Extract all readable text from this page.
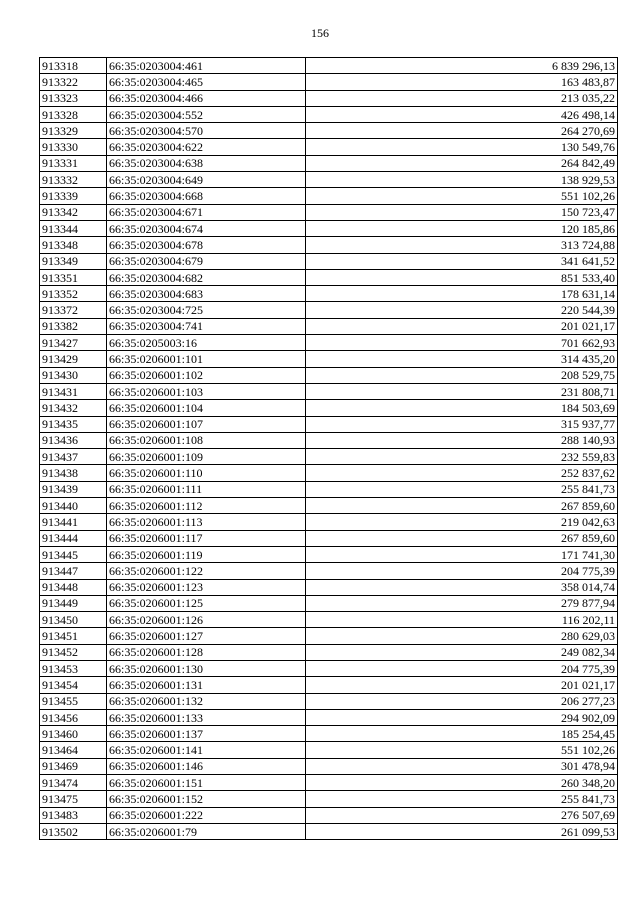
156
913318	66:35:0203004:461	6 839 296,13
913322	66:35:0203004:465	163 483,87
913323	66:35:0203004:466	213 035,22
913328	66:35:0203004:552	426 498,14
913329	66:35:0203004:570	264 270,69
913330	66:35:0203004:622	130 549,76
913331	66:35:0203004:638	264 842,49
913332	66:35:0203004:649	138 929,53
913339	66:35:0203004:668	551 102,26
913342	66:35:0203004:671	150 723,47
913344	66:35:0203004:674	120 185,86
913348	66:35:0203004:678	313 724,88
913349	66:35:0203004:679	341 641,52
913351	66:35:0203004:682	851 533,40
913352	66:35:0203004:683	178 631,14
913372	66:35:0203004:725	220 544,39
913382	66:35:0203004:741	201 021,17
913427	66:35:0205003:16	701 662,93
913429	66:35:0206001:101	314 435,20
913430	66:35:0206001:102	208 529,75
913431	66:35:0206001:103	231 808,71
913432	66:35:0206001:104	184 503,69
913435	66:35:0206001:107	315 937,77
913436	66:35:0206001:108	288 140,93
913437	66:35:0206001:109	232 559,83
913438	66:35:0206001:110	252 837,62
913439	66:35:0206001:111	255 841,73
913440	66:35:0206001:112	267 859,60
913441	66:35:0206001:113	219 042,63
913444	66:35:0206001:117	267 859,60
913445	66:35:0206001:119	171 741,30
913447	66:35:0206001:122	204 775,39
913448	66:35:0206001:123	358 014,74
913449	66:35:0206001:125	279 877,94
913450	66:35:0206001:126	116 202,11
913451	66:35:0206001:127	280 629,03
913452	66:35:0206001:128	249 082,34
913453	66:35:0206001:130	204 775,39
913454	66:35:0206001:131	201 021,17
913455	66:35:0206001:132	206 277,23
913456	66:35:0206001:133	294 902,09
913460	66:35:0206001:137	185 254,45
913464	66:35:0206001:141	551 102,26
913469	66:35:0206001:146	301 478,94
913474	66:35:0206001:151	260 348,20
913475	66:35:0206001:152	255 841,73
913483	66:35:0206001:222	276 507,69
913502	66:35:0206001:79	261 099,53
